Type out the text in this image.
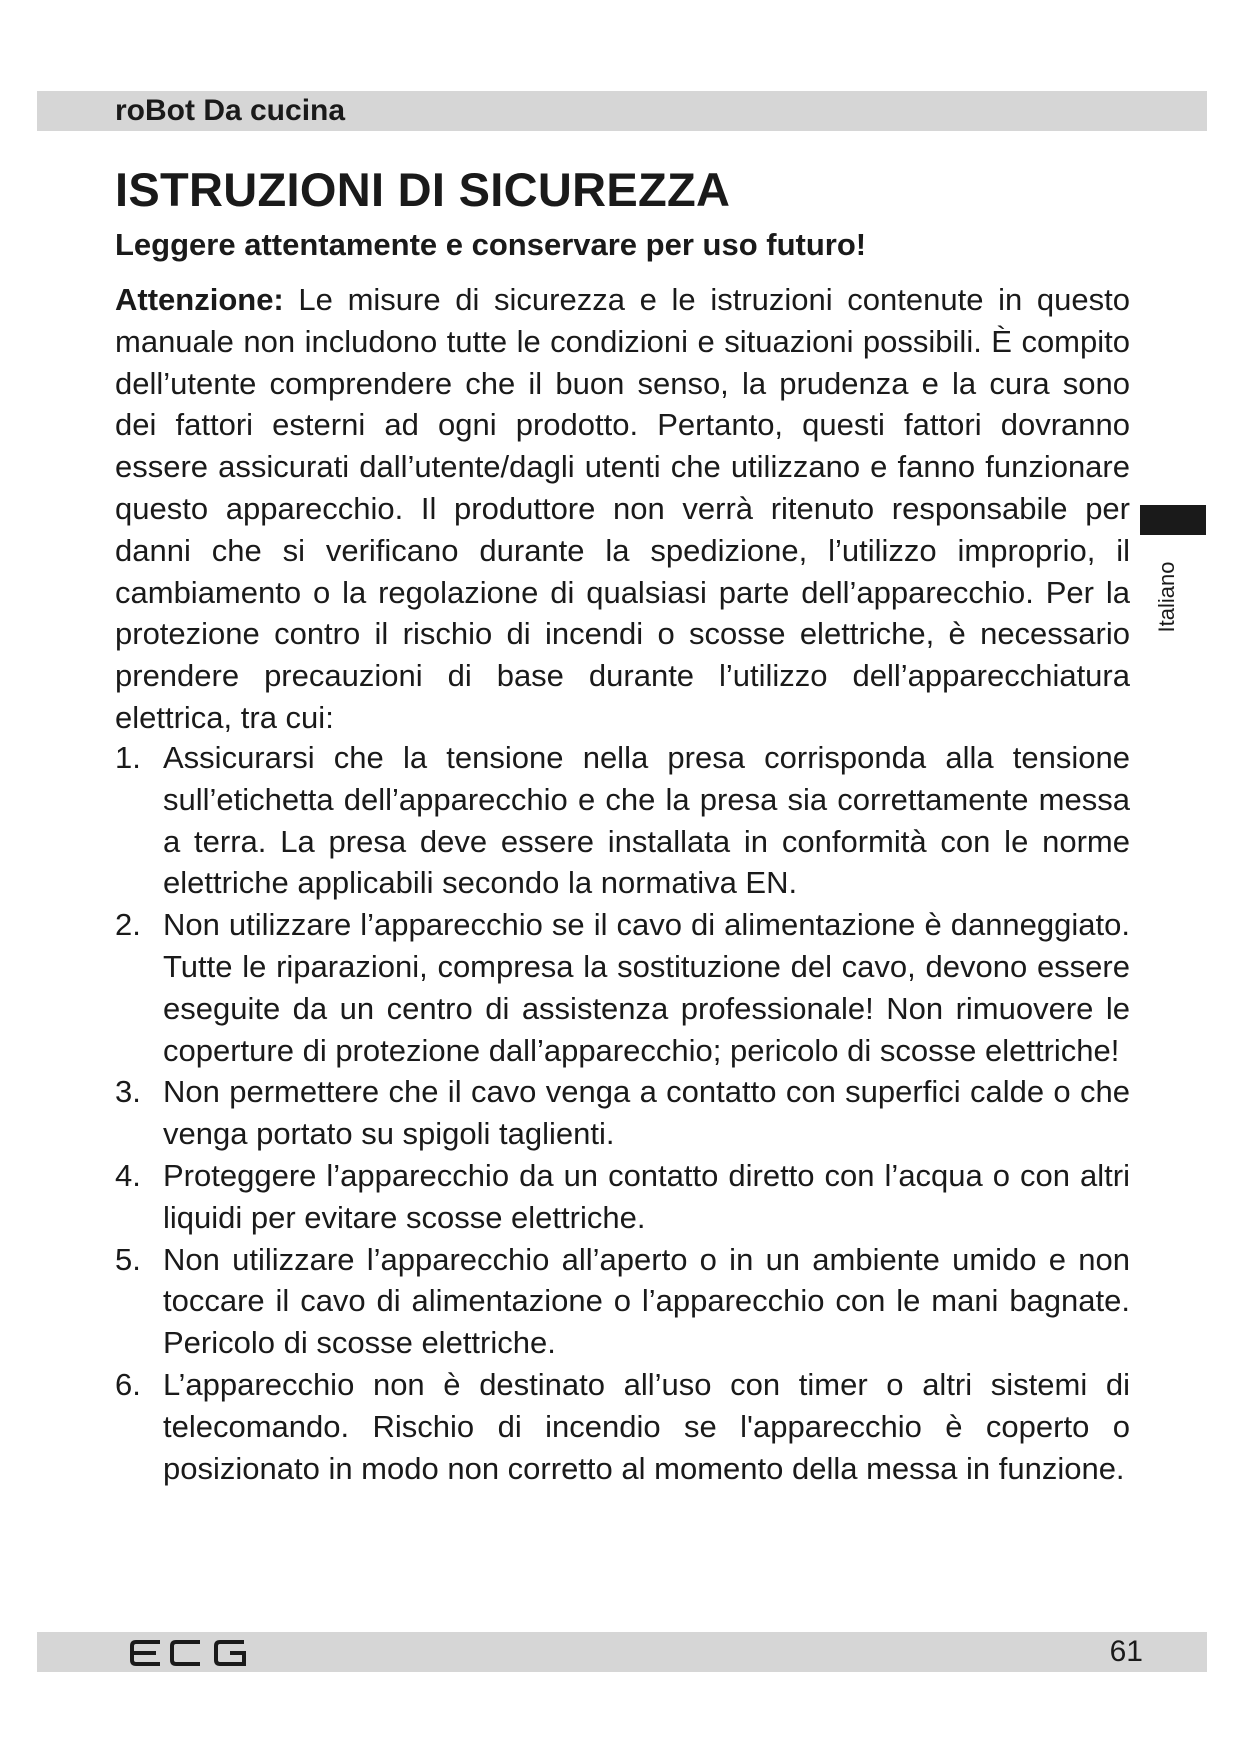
roBot Da cucina
ISTRUZIONI DI SICUREZZA
Leggere attentamente e conservare per uso futuro!

Attenzione: Le misure di sicurezza e le istruzioni contenute in questo manuale non includono tutte le condizioni e situazioni possibili. È compito dell’utente comprendere che il buon senso, la prudenza e la cura sono dei fattori esterni ad ogni prodotto. Pertanto, questi fattori dovranno essere assicurati dall’utente/dagli utenti che utilizzano e fanno funzionare questo apparecchio. Il produttore non verrà ritenuto responsabile per danni che si verificano durante la spedizione, l’utilizzo improprio, il cambiamento o la regolazione di qualsiasi parte dell’apparecchio. Per la protezione contro il rischio di incendi o scosse elettriche, è necessario prendere precauzioni di base durante l’utilizzo dell’apparecchiatura elettrica, tra cui:

1. Assicurarsi che la tensione nella presa corrisponda alla tensione sull’etichetta dell’apparecchio e che la presa sia correttamente messa a terra. La presa deve essere installata in conformità con le norme elettriche applicabili secondo la normativa EN.
2. Non utilizzare l’apparecchio se il cavo di alimentazione è danneggiato. Tutte le riparazioni, compresa la sostituzione del cavo, devono essere eseguite da un centro di assistenza professionale! Non rimuovere le coperture di protezione dall’apparecchio; pericolo di scosse elettriche!
3. Non permettere che il cavo venga a contatto con superfici calde o che venga portato su spigoli taglienti.
4. Proteggere l’apparecchio da un contatto diretto con l’acqua o con altri liquidi per evitare scosse elettriche.
5. Non utilizzare l’apparecchio all’aperto o in un ambiente umido e non toccare il cavo di alimentazione o l’apparecchio con le mani bagnate. Pericolo di scosse elettriche.
6. L’apparecchio non è destinato all’uso con timer o altri sistemi di telecomando. Rischio di incendio se l'apparecchio è coperto o posizionato in modo non corretto al momento della messa in funzione.
Italiano
61
